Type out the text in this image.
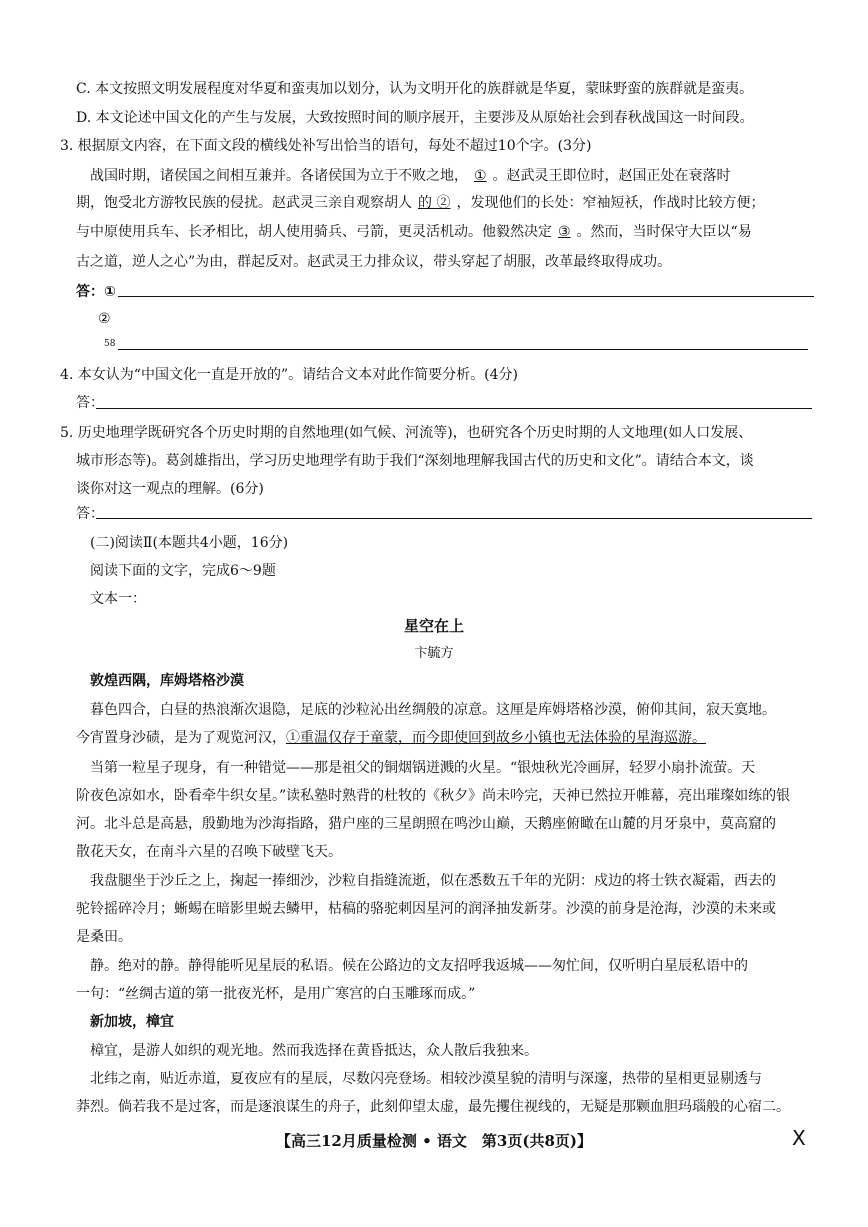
C. 本文按照文明发展程度对华夏和蛮夷加以划分，认为文明开化的族群就是华夏，蒙昧野蛮的族群就是蛮夷。
D. 本文论述中国文化的产生与发展，大致按照时间的顺序展开，主要涉及从原始社会到春秋战国这一时间段。
3. 根据原文内容，在下面文段的横线处补写出恰当的语句，每处不超过10个字。(3分)
战国时期，诸侯国之间相互兼并。各诸侯国为立于不败之地， ① 。赵武灵王即位时，赵国正处在衰落时
期，饱受北方游牧民族的侵扰。赵武灵三亲自观察胡人 的 ② ，发现他们的长处：窄袖短袄，作战时比较方便；
与中原使用兵车、长矛相比，胡人使用骑兵、弓箭，更灵活机动。他毅然决定 ③ 。然而，当时保守大臣以“易
古之道，逆人之心”为由，群起反对。赵武灵王力排众议，带头穿起了胡服，改革最终取得成功。
答：①
②
58
4. 本女认为“中国文化一直是开放的”。请结合文本对此作简要分析。(4分)
答：
5. 历史地理学既研究各个历史时期的自然地理(如气候、河流等)，也研究各个历史时期的人文地理(如人口发展、
城市形态等)。葛剑雄指出，学习历史地理学有助于我们“深刻地理解我国古代的历史和文化”。请结合本文，谈
谈你对这一观点的理解。(6分)
答：
(二)阅读Ⅱ(本题共4小题，16分)
阅读下面的文字，完成6～9题
文本一：
星空在上
卞毓方
敦煌西隅，库姆塔格沙漠
暮色四合，白昼的热浪渐次退隐，足底的沙粒沁出丝绸般的凉意。这厘是库姆塔格沙漠，俯仰其间，寂天寞地。
今宵置身沙碛，是为了观览河汉，①重温仅存于童蒙，而今即使回到故乡小镇也无法体验的星海巡游。
当第一粒星子现身，有一种错觉——那是祖父的铜烟锅迸溅的火星。“银烛秋光冷画屏，轻罗小扇扑流萤。天
阶夜色凉如水，卧看牵牛织女星。”读私塾时熟背的杜牧的《秋夕》尚未吟完，天神已然拉开帷幕，亮出璀璨如练的银
河。北斗总是高悬，殷勤地为沙海指路，猎户座的三星朗照在鸣沙山巅，天鹅座俯瞰在山麓的月牙泉中，莫高窟的
散花天女，在南斗六星的召唤下破壁飞天。
我盘腿坐于沙丘之上，掬起一捧细沙，沙粒自指缝流逝，似在悉数五千年的光阴：戍边的将士铁衣凝霜，西去的
驼铃摇碎冷月；蜥蜴在暗影里蜕去鳞甲，枯稿的骆驼刺因星河的润泽抽发新芽。沙漠的前身是沧海，沙漠的未来或
是桑田。
静。绝对的静。静得能听见星辰的私语。候在公路边的文友招呼我返城——匆忙间，仅听明白星辰私语中的
一句：“丝绸古道的第一批夜光杯，是用广寒宫的白玉雕琢而成。”
新加坡，樟宜
樟宜，是游人如织的观光地。然而我选择在黄昏抵达，众人散后我独来。
北纬之南，贴近赤道，夏夜应有的星辰，尽数闪亮登场。相较沙漠星貌的清明与深邃，热带的星相更显剔透与
莽烈。倘若我不是过客，而是逐浪谋生的舟子，此刻仰望太虚，最先攫住视线的，无疑是那颗血胆玛瑙般的心宿二。
【高三12月质量检测 • 语文　第3页(共8页)】	X
